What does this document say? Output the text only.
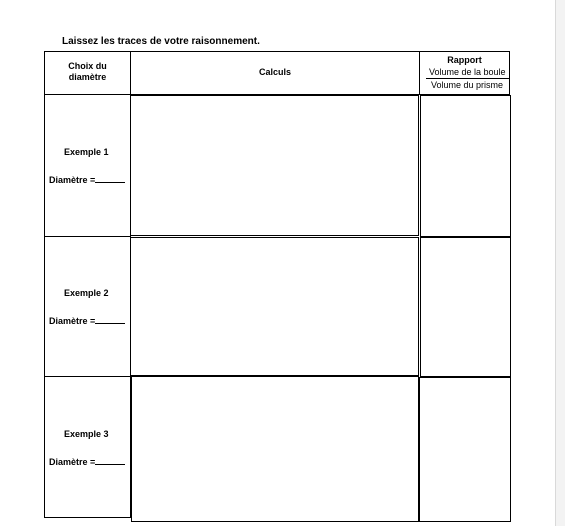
Laissez les traces de votre raisonnement.
Choix du
diamètre	Calculs
Rapport
Volume de la boule
Volume du prisme
Exemple 1
Diamètre =
Exemple 2
Diamètre =
Exemple 3
Diamètre =
